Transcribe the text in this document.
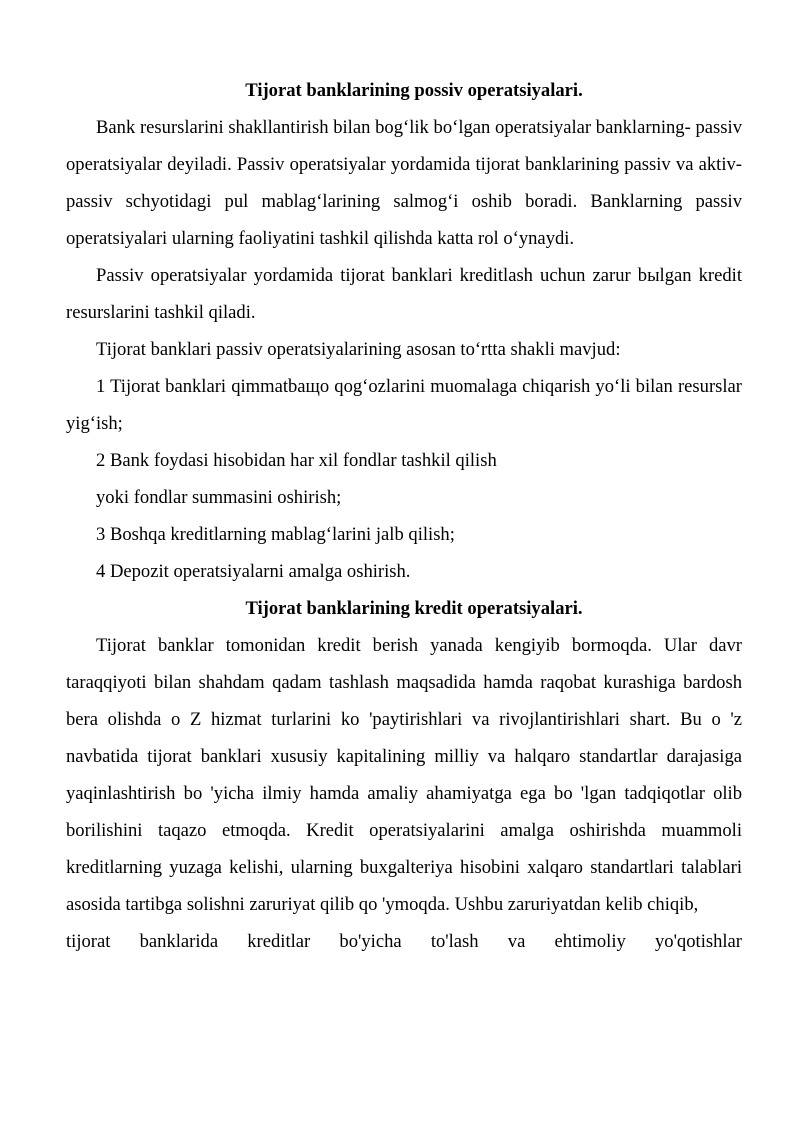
Tijorat banklarining possiv operatsiyalari.

Bank resurslarini shakllantirish bilan bog‘lik bo‘lgan operatsiyalar banklarning- passiv operatsiyalar deyiladi. Passiv operatsiyalar yordamida tijorat banklarining passiv va aktiv-passiv schyotidagi pul mablag‘larining salmog‘i oshib boradi. Banklarning passiv operatsiyalari ularning faoliyatini tashkil qilishda katta rol o‘ynaydi.

Passiv operatsiyalar yordamida tijorat banklari kreditlash uchun zarur bыlgan kredit resurslarini tashkil qiladi.

Tijorat banklari passiv operatsiyalarining asosan to‘rtta shakli mavjud:

1 Tijorat banklari qimmatbaщo qog‘ozlarini muomalaga chiqarish yo‘li bilan resurslar yig‘ish;

2 Bank foydasi hisobidan har xil fondlar tashkil qilish

yoki fondlar summasini oshirish;

3 Boshqa kreditlarning mablag‘larini jalb qilish;

4 Depozit operatsiyalarni amalga oshirish.

Tijorat banklarining kredit operatsiyalari.

Tijorat banklar tomonidan kredit berish yanada kengiyib bormoqda. Ular davr taraqqiyoti bilan shahdam qadam tashlash maqsadida hamda raqobat kurashiga bardosh bera olishda o Z hizmat turlarini ko 'paytirishlari va rivojlantirishlari shart. Bu o 'z navbatida tijorat banklari xususiy kapitalining milliy va halqaro standartlar darajasiga yaqinlashtirish bo 'yicha ilmiy hamda amaliy ahamiyatga ega bo 'lgan tadqiqotlar olib borilishini taqazo etmoqda. Kredit operatsiyalarini amalga oshirishda muammoli kreditlarning yuzaga kelishi, ularning buxgalteriya hisobini xalqaro standartlari talablari asosida tartibga solishni zaruriyat qilib qo 'ymoqda. Ushbu zaruriyatdan kelib chiqib,

tijorat banklarida kreditlar bo'yicha to'lash va ehtimoliy yo'qotishlar
